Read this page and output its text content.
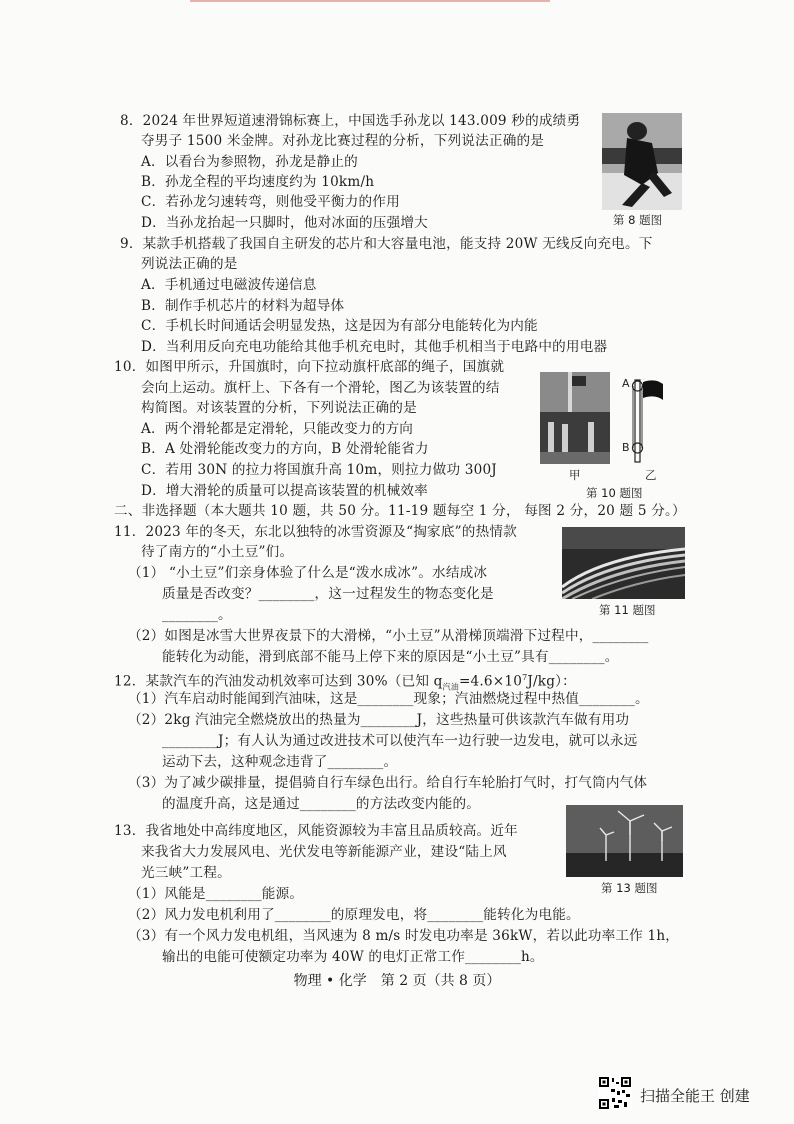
8．2024 年世界短道速滑锦标赛上，中国选手孙龙以 143.009 秒的成绩勇
夺男子 1500 米金牌。对孙龙比赛过程的分析，下列说法正确的是
A．以看台为参照物，孙龙是静止的
B．孙龙全程的平均速度约为 10km/h
C．若孙龙匀速转弯，则他受平衡力的作用
D．当孙龙抬起一只脚时，他对冰面的压强增大	第 8 题图
9．某款手机搭载了我国自主研发的芯片和大容量电池，能支持 20W 无线反向充电。下
列说法正确的是
A．手机通过电磁波传递信息
B．制作手机芯片的材料为超导体
C．手机长时间通话会明显发热，这是因为有部分电能转化为内能
D．当利用反向充电功能给其他手机充电时，其他手机相当于电路中的用电器
10．如图甲所示，升国旗时，向下拉动旗杆底部的绳子，国旗就
会向上运动。旗杆上、下各有一个滑轮，图乙为该装置的结
构简图。对该装置的分析，下列说法正确的是
A．两个滑轮都是定滑轮，只能改变力的方向
B．A 处滑轮能改变力的方向，B 处滑轮能省力
C．若用 30N 的拉力将国旗升高 10m，则拉力做功 300J
D．增大滑轮的质量可以提高该装置的机械效率
A
B
甲	乙
第 10 题图
二、非选择题（本大题共 10 题，共 50 分。11-19 题每空 1 分， 每图 2 分，20 题 5 分。）
11．2023 年的冬天，东北以独特的冰雪资源及“掏家底”的热情款
待了南方的“小土豆”们。
（1） “小土豆”们亲身体验了什么是“泼水成冰”。水结成冰
质量是否改变？________，这一过程发生的物态变化是
________。
（2）如图是冰雪大世界夜景下的大滑梯，“小土豆”从滑梯顶端滑下过程中，________
能转化为动能，滑到底部不能马上停下来的原因是“小土豆”具有________。
第 11 题图
12．某款汽车的汽油发动机效率可达到 30%（已知 $q_{汽油}=4.6\times 10^7J/kg$）：
（1）汽车启动时能闻到汽油味，这是________现象；汽油燃烧过程中热值________。
（2）2kg 汽油完全燃烧放出的热量为________J，这些热量可供该款汽车做有用功
________J；有人认为通过改进技术可以使汽车一边行驶一边发电，就可以永远
运动下去，这种观念违背了________。
（3）为了减少碳排量，提倡骑自行车绿色出行。给自行车轮胎打气时，打气筒内气体
的温度升高，这是通过________的方法改变内能的。
13．我省地处中高纬度地区，风能资源较为丰富且品质较高。近年
来我省大力发展风电、光伏发电等新能源产业，建设“陆上风
光三峡”工程。
（1）风能是________能源。
（2）风力发电机利用了________的原理发电，将________能转化为电能。
（3）有一个风力发电机组，当风速为 8 m/s 时发电功率是 36kW，若以此功率工作 1h，
输出的电能可使额定功率为 40W 的电灯正常工作________h。
第 13 题图
物理 • 化学　第 2 页（共 8 页）
扫描全能王 创建
